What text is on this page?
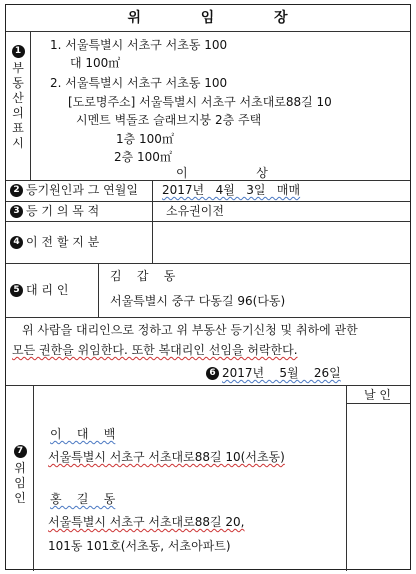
위          임          장
1
부
동
산
의
표
시
1. 서울특별시 서초구 서초동 100
대 100㎡
2. 서울특별시 서초구 서초동 100
[도로명주소] 서울특별시 서초구 서초대로88길 10
시멘트 벽돌조 슬래브지붕 2층 주택
1층 100㎡
2층 100㎡
이                  상
2 등기원인과 그 연월일 2017년   4월   3일   매매
3 등 기 의 목 적	소유권이전
4 이 전 할 지 분
5 대 리 인
김    갑    동
서울특별시 중구 다동길 96(다동)
위 사람을 대리인으로 정하고 위 부동산 등기신청 및 취하에 관한
모든 권한을 위임한다. 또한 복대리인 선임을 허락한다.
6 2017년    5월    26일
7
위
임
인
날 인
이    대    백
서울특별시 서초구 서초대로88길 10(서초동)
홍    길    동
서울특별시 서초구 서초대로88길 20,
101동 101호(서초동, 서초아파트)
